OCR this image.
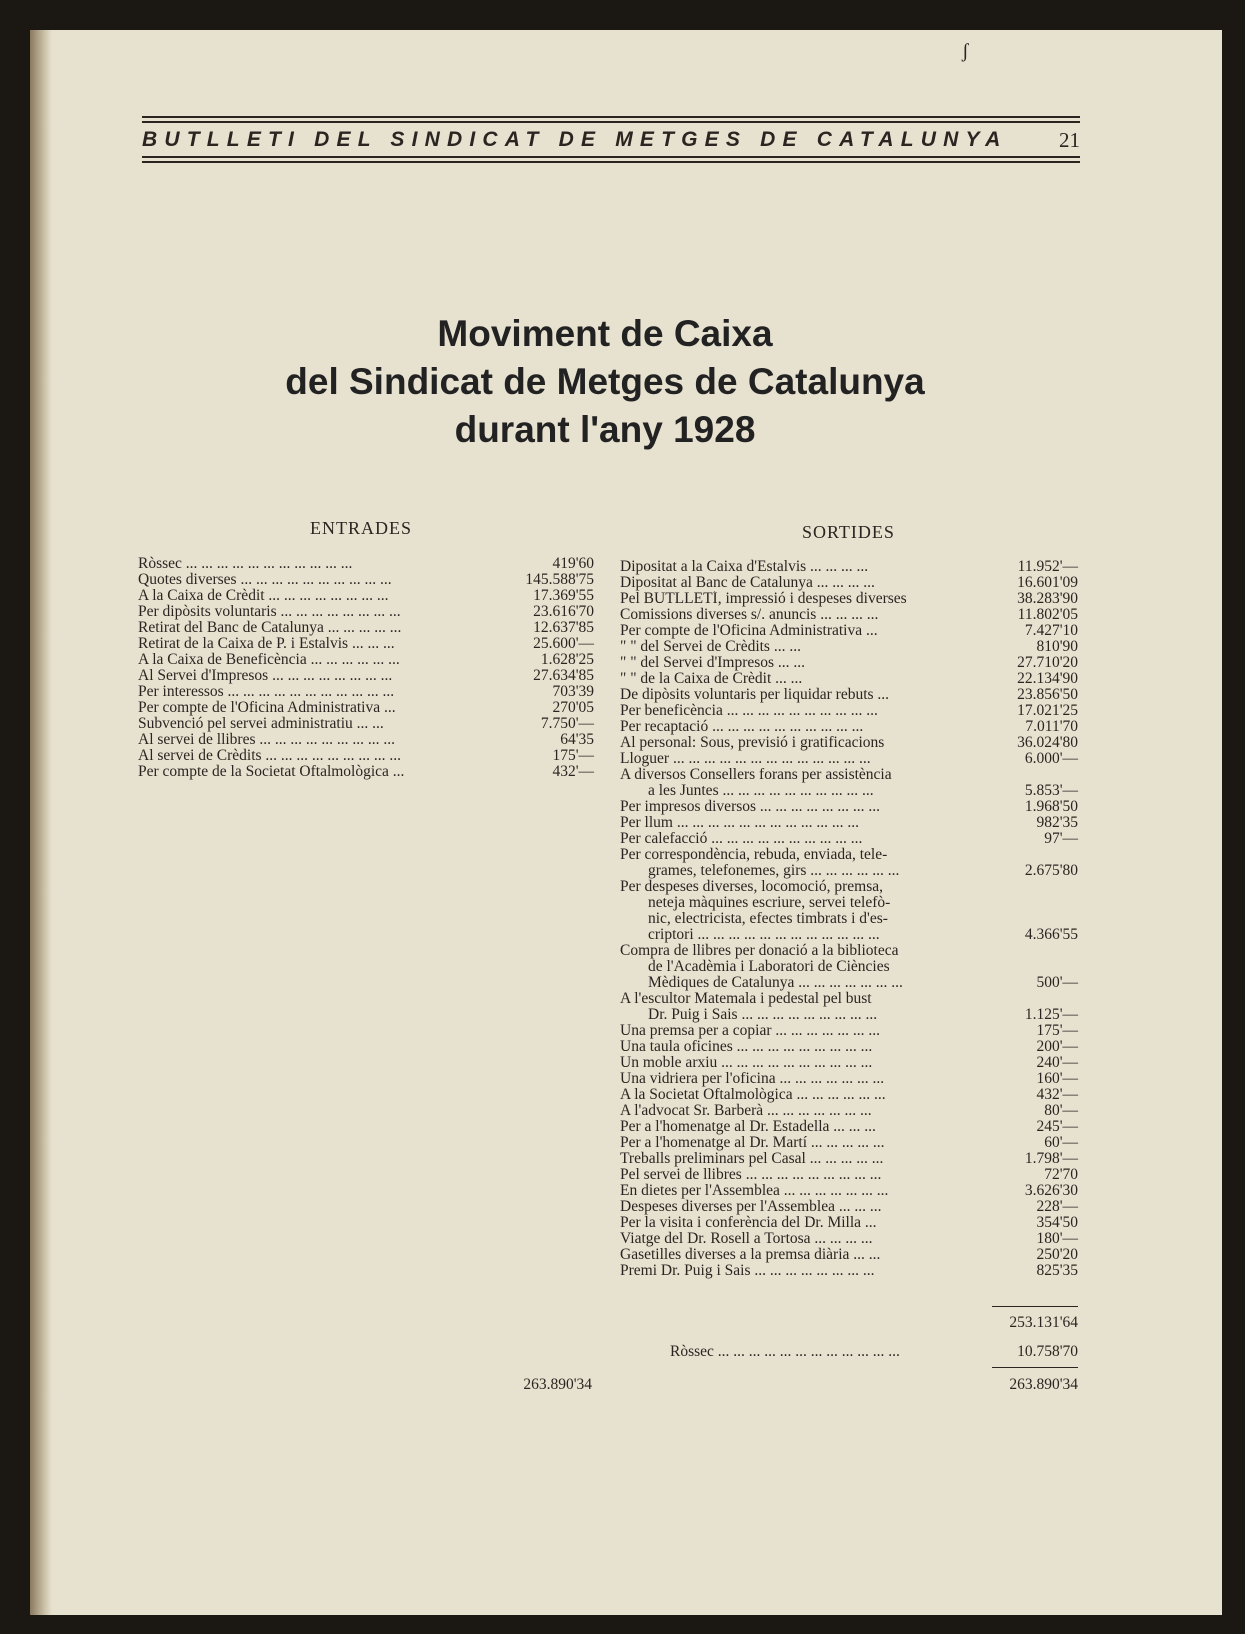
ʃ
BUTLLETI DEL SINDICAT DE METGES DE CATALUNYA 21
Moviment de Caixa
del Sindicat de Metges de Catalunya
durant l'any 1928
ENTRADES	SORTIDES
Ròssec ... ... ... ... ... ... ... ... ... ... ...	419'60
Quotes diverses ... ... ... ... ... ... ... ... ... ...	145.588'75
A la Caixa de Crèdit ... ... ... ... ... ... ... ...	17.369'55
Per dipòsits voluntaris ... ... ... ... ... ... ... ...	23.616'70
Retirat del Banc de Catalunya ... ... ... ... ...	12.637'85
Retirat de la Caixa de P. i Estalvis ... ... ...	25.600'—
A la Caixa de Beneficència ... ... ... ... ... ...	1.628'25
Al Servei d'Impresos ... ... ... ... ... ... ... ...	27.634'85
Per interessos ... ... ... ... ... ... ... ... ... ... ...	703'39
Per compte de l'Oficina Administrativa ...	270'05
Subvenció pel servei administratiu ... ...	7.750'—
Al servei de llibres ... ... ... ... ... ... ... ... ...	64'35
Al servei de Crèdits ... ... ... ... ... ... ... ... ...	175'—
Per compte de la Societat Oftalmològica ...	432'—
Dipositat a la Caixa d'Estalvis ... ... ... ...	11.952'—
Dipositat al Banc de Catalunya ... ... ... ...	16.601'09
Pel BUTLLETÍ, impressió i despeses diverses	38.283'90
Comissions diverses s/. anuncis ... ... ... ...	11.802'05
Per compte de l'Oficina Administrativa ...	7.427'10
" " del Servei de Crèdits ... ...	810'90
" " del Servei d'Impresos ... ...	27.710'20
" " de la Caixa de Crèdit ... ...	22.134'90
De dipòsits voluntaris per liquidar rebuts ...	23.856'50
Per beneficència ... ... ... ... ... ... ... ... ... ...	17.021'25
Per recaptació ... ... ... ... ... ... ... ... ... ...	7.011'70
Al personal: Sous, previsió i gratificacions	36.024'80
Lloguer ... ... ... ... ... ... ... ... ... ... ... ... ...	6.000'—
A diversos Consellers forans per assistència
a les Juntes ... ... ... ... ... ... ... ... ... ...	5.853'—
Per impresos diversos ... ... ... ... ... ... ... ...	1.968'50
Per llum ... ... ... ... ... ... ... ... ... ... ... ...	982'35
Per calefacció ... ... ... ... ... ... ... ... ... ...	97'—
Per correspondència, rebuda, enviada, tele-
grames, telefonemes, girs ... ... ... ... ... ...	2.675'80
Per despeses diverses, locomoció, premsa,
neteja màquines escriure, servei telefò-
nic, electricista, efectes timbrats i d'es-
criptori ... ... ... ... ... ... ... ... ... ... ... ...	4.366'55
Compra de llibres per donació a la biblioteca
de l'Acadèmia i Laboratori de Ciències
Mèdiques de Catalunya ... ... ... ... ... ... ...	500'—
A l'escultor Matemala i pedestal pel bust
Dr. Puig i Sais ... ... ... ... ... ... ... ... ...	1.125'—
Una premsa per a copiar ... ... ... ... ... ... ...	175'—
Una taula oficines ... ... ... ... ... ... ... ... ...	200'—
Un moble arxiu ... ... ... ... ... ... ... ... ... ...	240'—
Una vidriera per l'oficina ... ... ... ... ... ... ...	160'—
A la Societat Oftalmològica ... ... ... ... ... ...	432'—
A l'advocat Sr. Barberà ... ... ... ... ... ... ...	80'—
Per a l'homenatge al Dr. Estadella ... ... ...	245'—
Per a l'homenatge al Dr. Martí ... ... ... ... ...	60'—
Treballs preliminars pel Casal ... ... ... ... ...	1.798'—
Pel servei de llibres ... ... ... ... ... ... ... ... ...	72'70
En dietes per l'Assemblea ... ... ... ... ... ... ...	3.626'30
Despeses diverses per l'Assemblea ... ... ...	228'—
Per la visita i conferència del Dr. Milla ...	354'50
Viatge del Dr. Rosell a Tortosa ... ... ... ...	180'—
Gasetilles diverses a la premsa diària ... ...	250'20
Premi Dr. Puig i Sais ... ... ... ... ... ... ... ...	825'35
253.131'64
Ròssec ... ... ... ... ... ... ... ... ... ... ... ...	10.758'70
263.890'34	263.890'34
